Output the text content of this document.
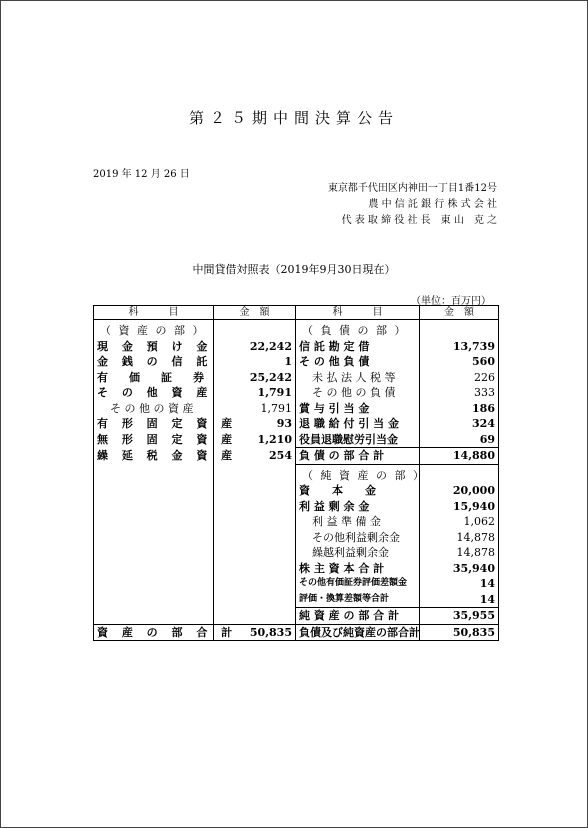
第２５期中間決算公告
2019 年 12 月 26 日
東京都千代田区内神田一丁目1番12号
農 中 信 託 銀 行 株 式 会 社
代 表 取 締 役 社 長　東 山　克 之
中間貸借対照表（2019年9月30日現在）
（単位：百万円）
科　　　目	金　額	科　　　目	金　額
（ 資 産 の 部 ）		（ 負 債 の 部 ）	
現 金 預 け 金	22,242	信 託 勘 定 借	13,739
金 銭 の 信 託	1	そ の 他 負 債	560
有　価　証　券	25,242	未 払 法 人 税 等	226
そ の 他 資 産	1,791	そ の 他 の 負 債	333
そ の 他 の 資 産	1,791	賞 与 引 当 金	186
有 形 固 定 資 産	93	退 職 給 付 引 当 金	324
無 形 固 定 資 産	1,210	役員退職慰労引当金	69
繰 延 税 金 資 産	254	負 債 の 部 合 計	14,880
		（ 純 資 産 の 部 ）	
		資　　本　　金	20,000
		利 益 剰 余 金	15,940
		利 益 準 備 金	1,062
		その他利益剰余金	14,878
		繰越利益剰余金	14,878
		株 主 資 本 合 計	35,940
		その他有価証券評価差額金	14
		評価・換算差額等合計	14
		純 資 産 の 部 合 計	35,955
資 産 の 部 合 計	50,835	負債及び純資産の部合計	50,835
